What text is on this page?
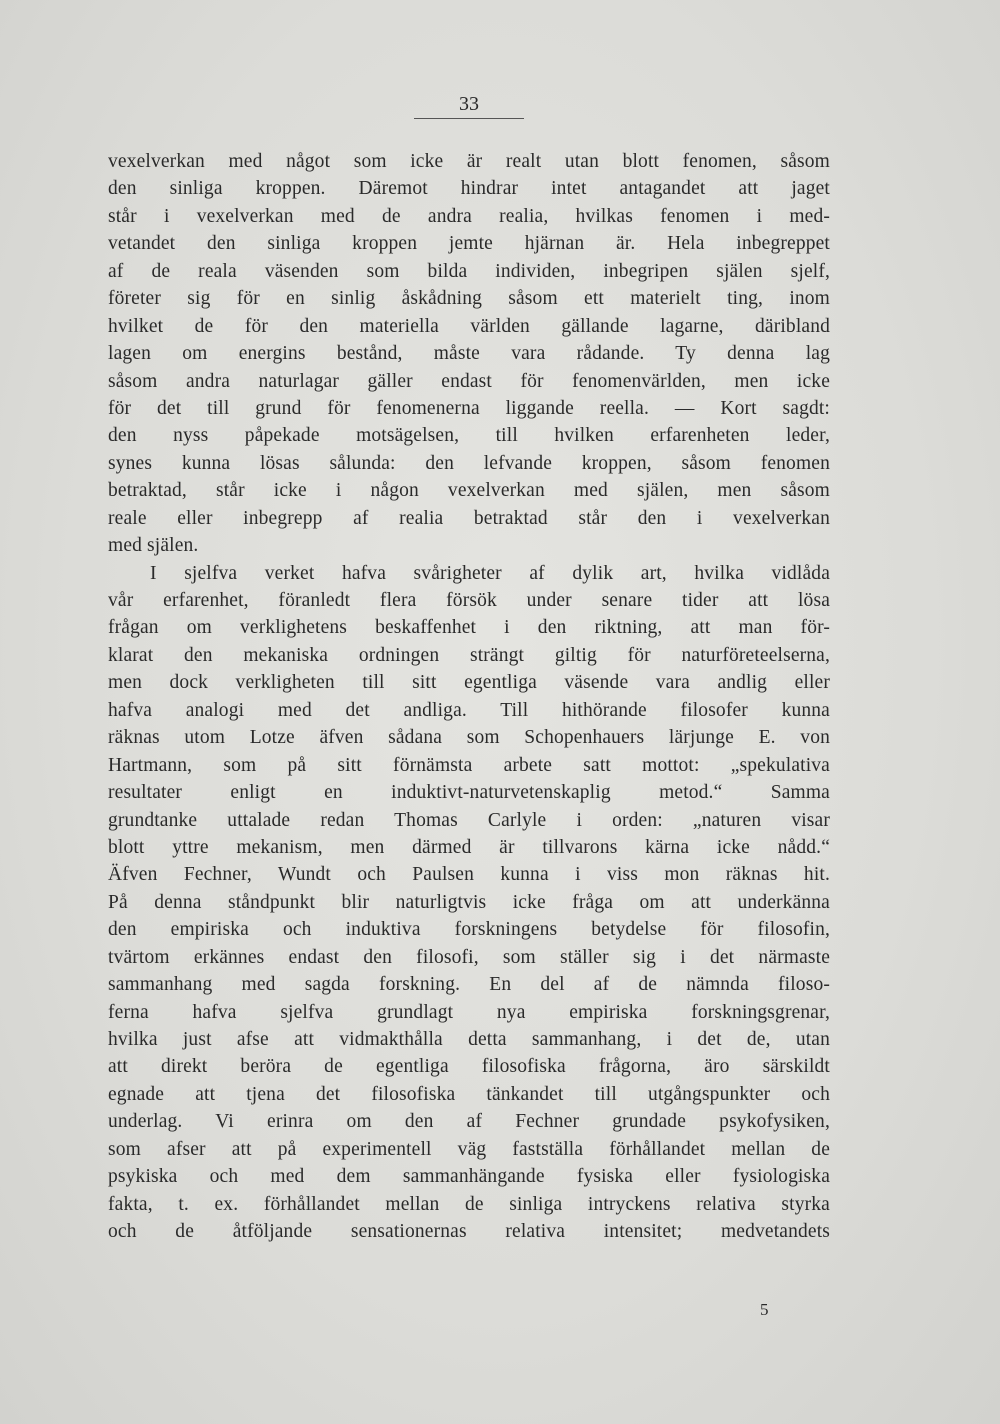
33
vexelverkan med något som icke är realt utan blott fenomen, såsom
den sinliga kroppen. Däremot hindrar intet antagandet att jaget
står i vexelverkan med de andra realia, hvilkas fenomen i med-
vetandet den sinliga kroppen jemte hjärnan är. Hela inbegreppet
af de reala väsenden som bilda individen, inbegripen själen sjelf,
företer sig för en sinlig åskådning såsom ett materielt ting, inom
hvilket de för den materiella världen gällande lagarne, däribland
lagen om energins bestånd, måste vara rådande. Ty denna lag
såsom andra naturlagar gäller endast för fenomenvärlden, men icke
för det till grund för fenomenerna liggande reella. — Kort sagdt:
den nyss påpekade motsägelsen, till hvilken erfarenheten leder,
synes kunna lösas sålunda: den lefvande kroppen, såsom fenomen
betraktad, står icke i någon vexelverkan med själen, men såsom
reale eller inbegrepp af realia betraktad står den i vexelverkan
med själen.
I sjelfva verket hafva svårigheter af dylik art, hvilka vidlåda
vår erfarenhet, föranledt flera försök under senare tider att lösa
frågan om verklighetens beskaffenhet i den riktning, att man för-
klarat den mekaniska ordningen strängt giltig för naturföreteelserna,
men dock verkligheten till sitt egentliga väsende vara andlig eller
hafva analogi med det andliga. Till hithörande filosofer kunna
räknas utom Lotze äfven sådana som Schopenhauers lärjunge E. von
Hartmann, som på sitt förnämsta arbete satt mottot: „spekulativa
resultater enligt en induktivt-naturvetenskaplig metod.“ Samma
grundtanke uttalade redan Thomas Carlyle i orden: „naturen visar
blott yttre mekanism, men därmed är tillvarons kärna icke nådd.“
Äfven Fechner, Wundt och Paulsen kunna i viss mon räknas hit.
På denna ståndpunkt blir naturligtvis icke fråga om att underkänna
den empiriska och induktiva forskningens betydelse för filosofin,
tvärtom erkännes endast den filosofi, som ställer sig i det närmaste
sammanhang med sagda forskning. En del af de nämnda filoso-
ferna hafva sjelfva grundlagt nya empiriska forskningsgrenar,
hvilka just afse att vidmakthålla detta sammanhang, i det de, utan
att direkt beröra de egentliga filosofiska frågorna, äro särskildt
egnade att tjena det filosofiska tänkandet till utgångspunkter och
underlag. Vi erinra om den af Fechner grundade psykofysiken,
som afser att på experimentell väg fastställa förhållandet mellan de
psykiska och med dem sammanhängande fysiska eller fysiologiska
fakta, t. ex. förhållandet mellan de sinliga intryckens relativa styrka
och de åtföljande sensationernas relativa intensitet; medvetandets
5
